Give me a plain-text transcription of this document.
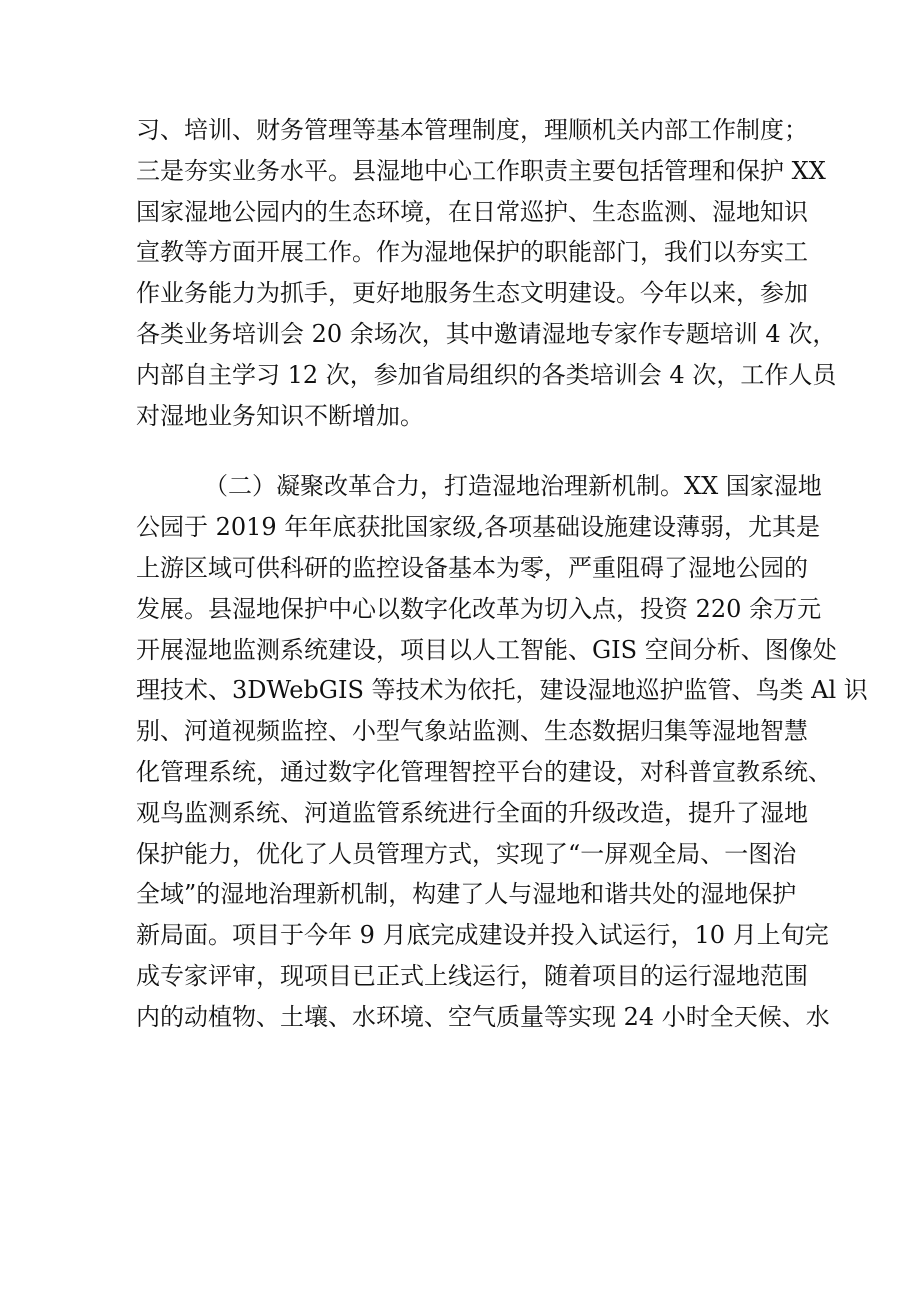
习、培训、财务管理等基本管理制度，理顺机关内部工作制度；
三是夯实业务水平。县湿地中心工作职责主要包括管理和保护 XX
国家湿地公园内的生态环境，在日常巡护、生态监测、湿地知识
宣教等方面开展工作。作为湿地保护的职能部门，我们以夯实工
作业务能力为抓手，更好地服务生态文明建设。今年以来，参加
各类业务培训会 20 余场次，其中邀请湿地专家作专题培训 4 次，
内部自主学习 12 次，参加省局组织的各类培训会 4 次，工作人员
对湿地业务知识不断增加。
（二）凝聚改革合力，打造湿地治理新机制。XX 国家湿地
公园于 2019 年年底获批国家级,各项基础设施建设薄弱，尤其是
上游区域可供科研的监控设备基本为零，严重阻碍了湿地公园的
发展。县湿地保护中心以数字化改革为切入点，投资 220 余万元
开展湿地监测系统建设，项目以人工智能、GIS 空间分析、图像处
理技术、3DWebGIS 等技术为依托，建设湿地巡护监管、鸟类 Al 识
别、河道视频监控、小型气象站监测、生态数据归集等湿地智慧
化管理系统，通过数字化管理智控平台的建设，对科普宣教系统、
观鸟监测系统、河道监管系统进行全面的升级改造，提升了湿地
保护能力，优化了人员管理方式，实现了“一屏观全局、一图治
全域”的湿地治理新机制，构建了人与湿地和谐共处的湿地保护
新局面。项目于今年 9 月底完成建设并投入试运行，10 月上旬完
成专家评审，现项目已正式上线运行，随着项目的运行湿地范围
内的动植物、土壤、水环境、空气质量等实现 24 小时全天候、水
